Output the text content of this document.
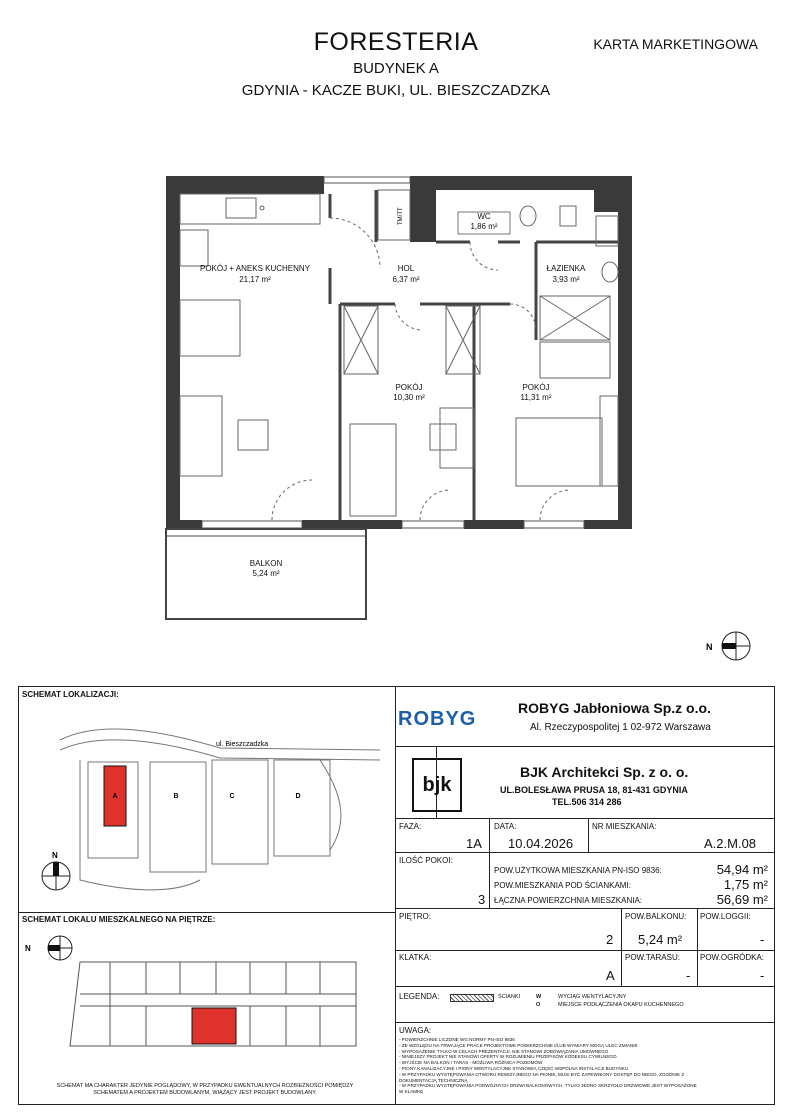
FORESTERIA
BUDYNEK A
GDYNIA - KACZE BUKI, UL. BIESZCZADZKA
KARTA MARKETINGOWA
POKÓJ + ANEKS KUCHENNY
21,17 m²
HOL
6,37 m²
WC
1,86 m²
ŁAZIENKA
3,93 m²
POKÓJ
10,30 m²
POKÓJ
11,31 m²
BALKON
5,24 m²
TM/TT
N
SCHEMAT LOKALIZACJI:
A	B	C	D
ul. Bieszczadzka
N
SCHEMAT LOKALU MIESZKALNEGO NA PIĘTRZE:
N
SCHEMAT MA CHARAKTER JEDYNIE POGLĄDOWY, W PRZYPADKU EWENTUALNYCH ROZBIEŻNOŚCI POMIĘDZY SCHEMATEM A PROJEKTEM BUDOWLANYM, WIĄŻĄCY JEST PROJEKT BUDOWLANY.
ROBYG	ROBYG Jabłoniowa Sp.z o.o.
Al. Rzeczypospolitej 1 02-972 Warszawa
bjk
BJK Architekci Sp. z o. o.
UL.BOLESŁAWA PRUSA 18, 81-431 GDYNIA
TEL.506 314 286
FAZA:
1A
DATA:
10.04.2026
NR MIESZKANIA:
A.2.M.08
ILOŚĆ POKOI:
3
POW.UŻYTKOWA MIESZKANIA PN-ISO 9836:	54,94 m²
POW.MIESZKANIA POD ŚCIANKAMI:	1,75 m²
ŁĄCZNA POWIERZCHNIA MIESZKANIA:	56,69 m²
PIĘTRO:
2
POW.BALKONU:
5,24 m²
POW.LOGGII:
-
KLATKA:
A
POW.TARASU:
-
POW.OGRÓDKA:
-
LEGENDA:	ŚCIANKI	W	WYCIĄG WENTYLACYJNY
O	MIEJSCE PODŁĄCZENIA OKAPU KUCHENNEGO
UWAGA:
- POWIERZCHNIE LICZONE WG NORMY PN-ISO 9836
- ZE WZGLĘDU NA TRWAJĄCE PRACE PROJEKTOWE POWIERZCHNIE I/LUB WYMIARY MOGĄ ULEC ZMIANIE
- WYPOSAŻENIE TYLKO W CELACH PREZENTACJI, NIE STANOWI ZOBOWIĄZANIA UMOWNEGO
- NINIEJSZY PROJEKT NIE STANOWI OFERTY W ROZUMIENIU PRZEPISÓW KODEKSU CYWILNEGO
- WYJŚCIE NA BALKON / TARAS - MOŻLIWA RÓŻNICA POZIOMÓW
- PIONY KANALIZACYJNE I PIONY WENTYLACYJNE STANOWIĄ CZĘŚĆ WSPÓLNA INSTALACJI BUDYNKU
- W PRZYPADKU WYSTĘPOWANIA OTWORU REWIZYJNEGO NA PIONIE, MUSI BYĆ ZAPEWNIONY DOSTĘP DO NIEGO, ZGODNIE Z DOKUMENTACJĄ TECHNICZNĄ
- W PRZYPADKU WYSTĘPOWANIA PODWÓJNYCH DRZWI BALKONOWYCH, TYLKO JEDNO SKRZYDŁO DRZWIOWE JEST WYPOSAŻONE W KLAMKĘ
